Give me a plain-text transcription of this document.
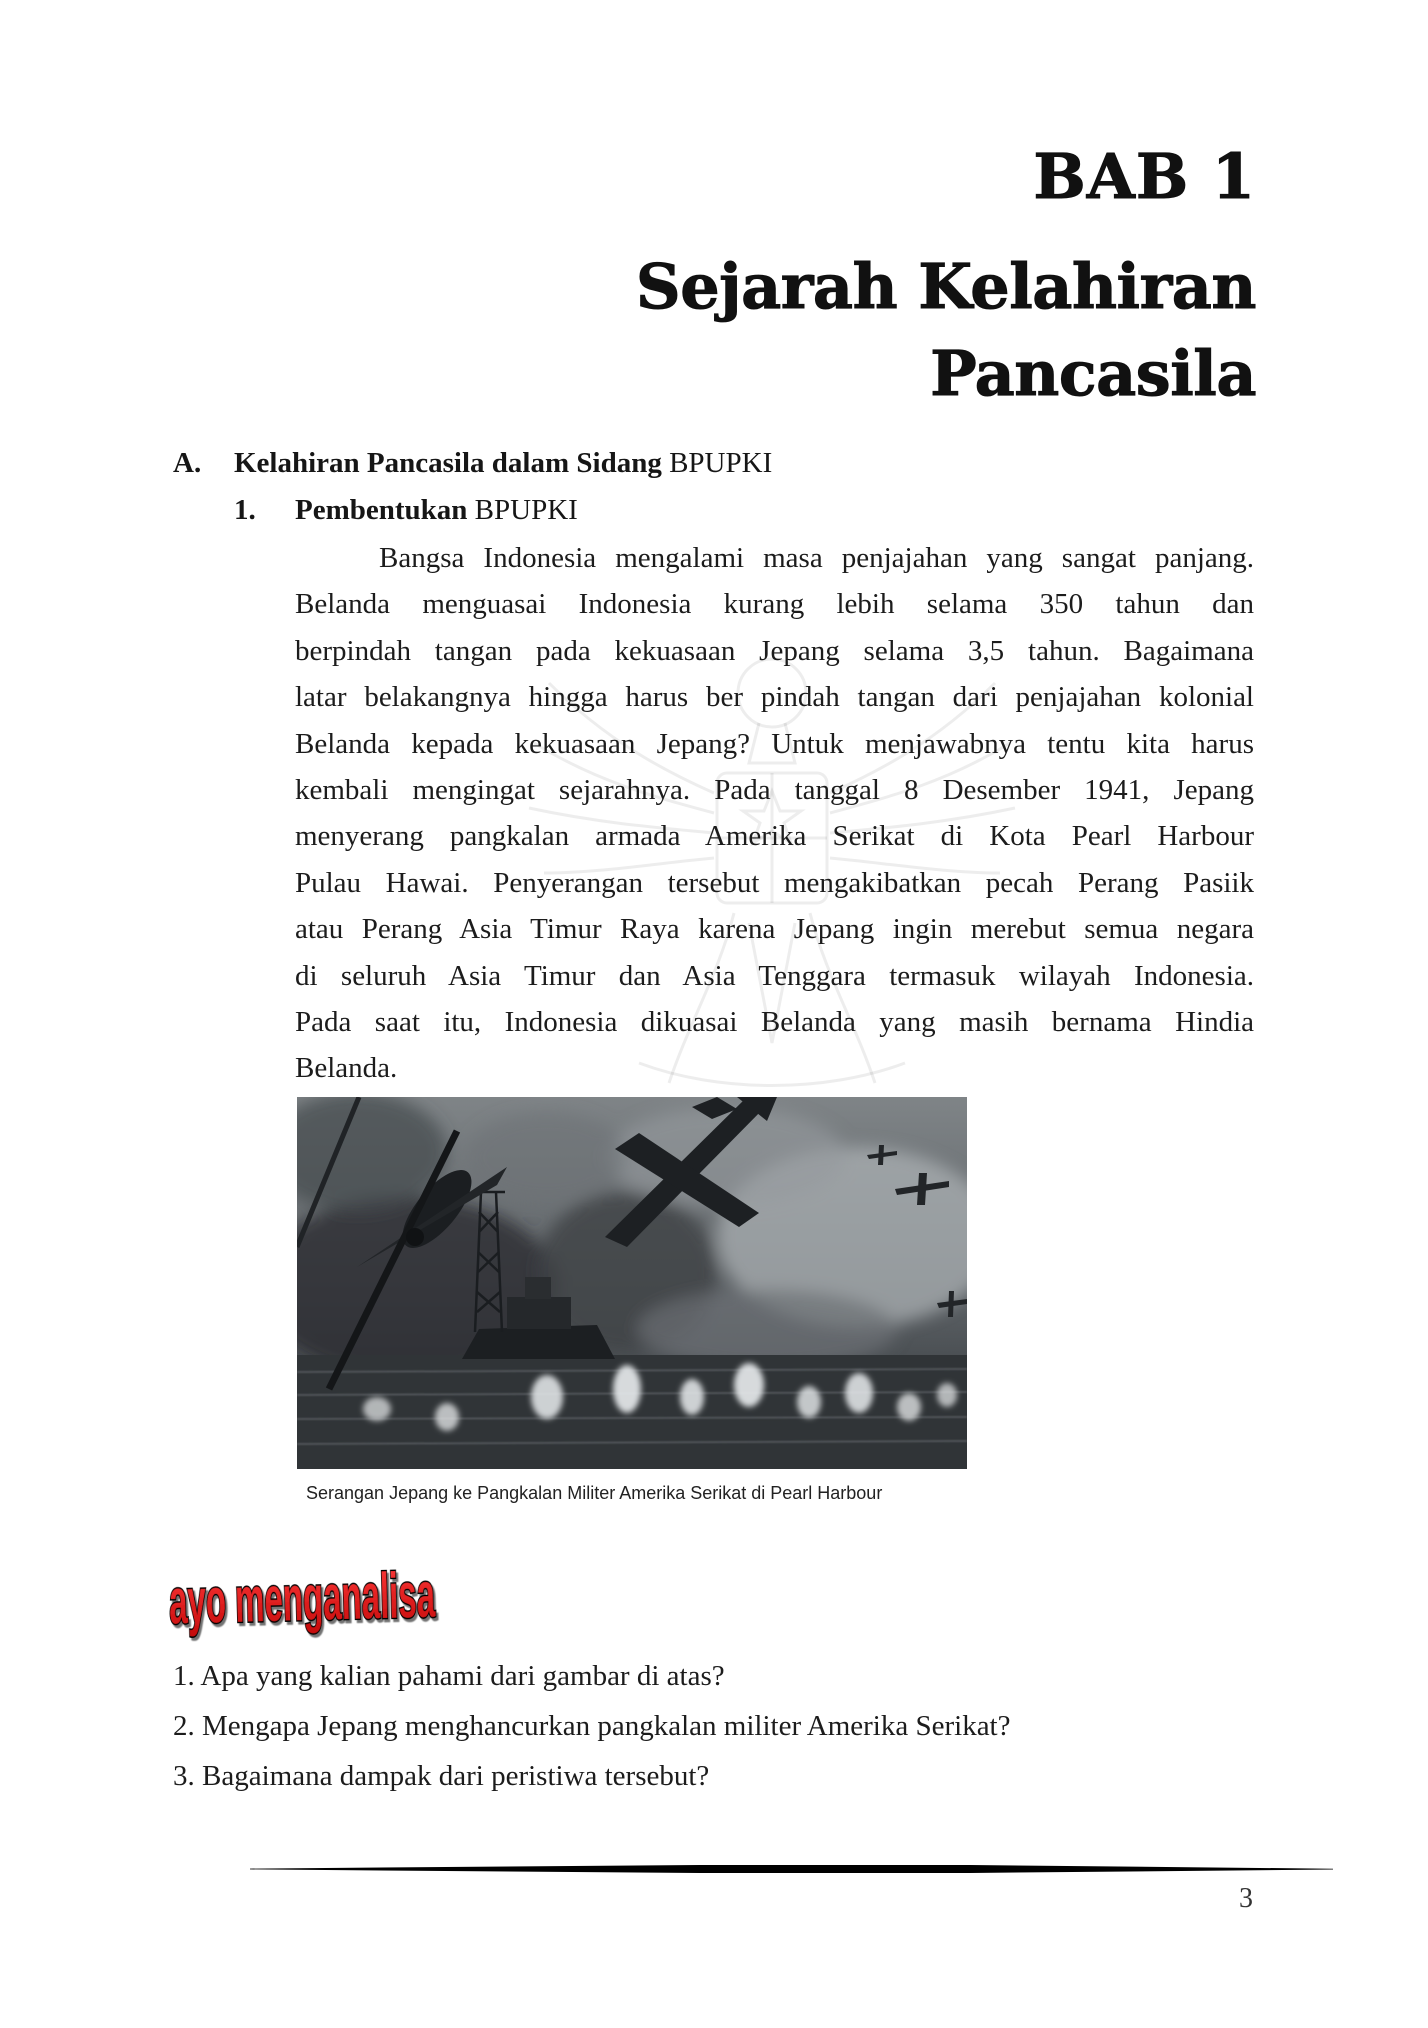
BAB 1
Sejarah Kelahiran
Pancasila
A.	Kelahiran Pancasila dalam Sidang BPUPKI
1.	Pembentukan BPUPKI
Bangsa Indonesia mengalami masa penjajahan yang sangat panjang.
Belanda menguasai Indonesia kurang lebih selama 350 tahun dan
berpindah tangan pada kekuasaan Jepang selama 3,5 tahun. Bagaimana
latar belakangnya hingga harus ber pindah tangan dari penjajahan kolonial
Belanda kepada kekuasaan Jepang? Untuk menjawabnya tentu kita harus
kembali mengingat sejarahnya. Pada tanggal 8 Desember 1941, Jepang
menyerang pangkalan armada Amerika Serikat di Kota Pearl Harbour
Pulau Hawai. Penyerangan tersebut mengakibatkan pecah Perang Pasiik
atau Perang Asia Timur Raya karena Jepang ingin merebut semua negara
di seluruh Asia Timur dan Asia Tenggara termasuk wilayah Indonesia.
Pada saat itu, Indonesia dikuasai Belanda yang masih bernama Hindia
Belanda.
Serangan Jepang ke Pangkalan Militer Amerika Serikat di Pearl Harbour
ayo menganalisa
1. Apa yang kalian pahami dari gambar di atas?
2. Mengapa Jepang menghancurkan pangkalan militer Amerika Serikat?
3. Bagaimana dampak dari peristiwa tersebut?
3
